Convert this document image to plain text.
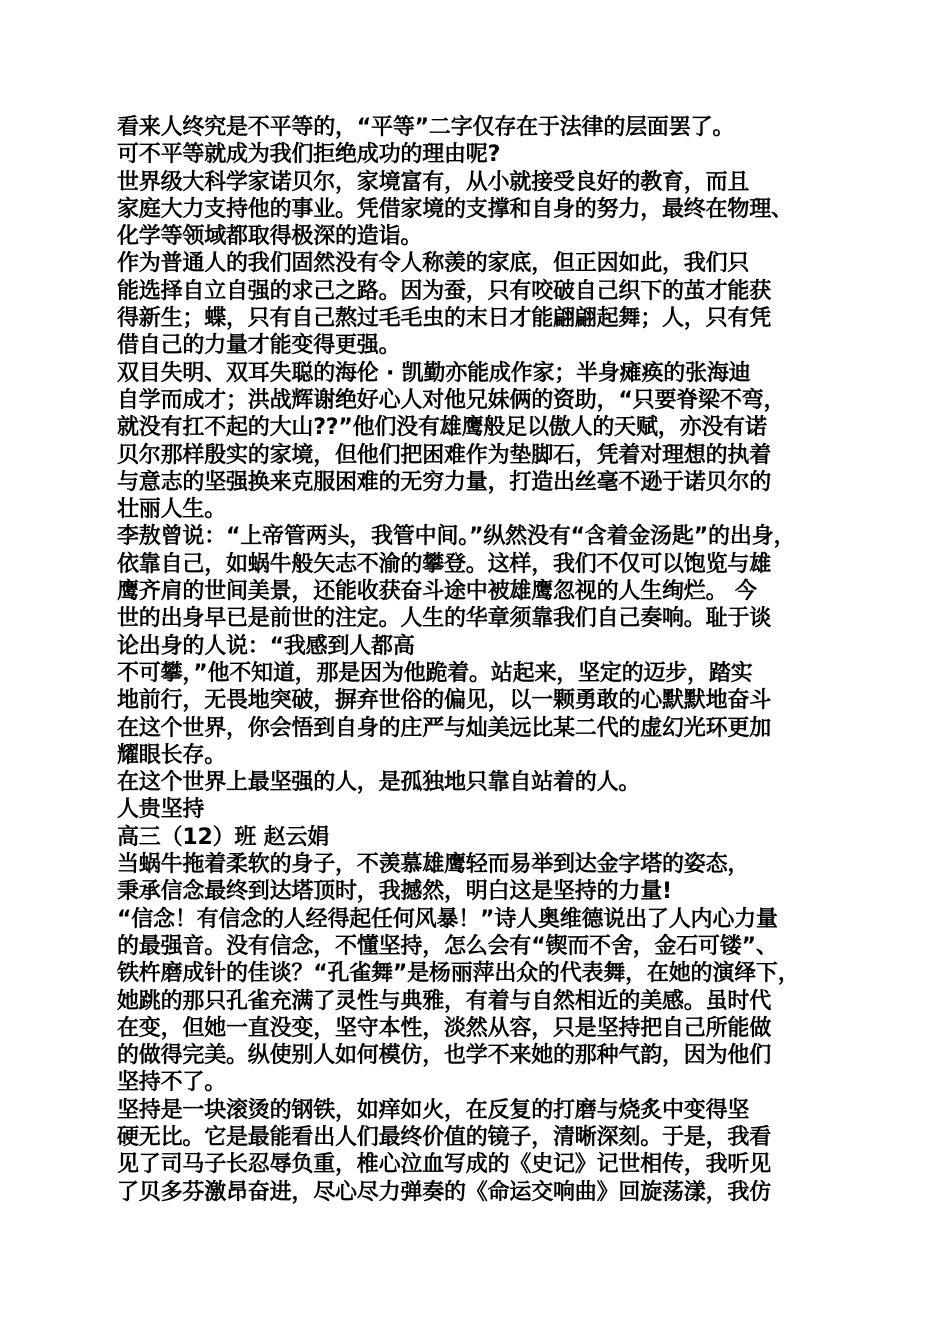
看来人终究是不平等的，“平等”二字仅存在于法律的层面罢了。
可不平等就成为我们拒绝成功的理由呢?
世界级大科学家诺贝尔，家境富有，从小就接受良好的教育，而且
家庭大力支持他的事业。凭借家境的支撑和自身的努力，最终在物理、
化学等领域都取得极深的造诣。
作为普通人的我们固然没有令人称羡的家底，但正因如此，我们只
能选择自立自强的求己之路。因为蚕，只有咬破自己织下的茧才能获
得新生；蝶，只有自己熬过毛毛虫的末日才能翩翩起舞；人，只有凭
借自己的力量才能变得更强。
双目失明、双耳失聪的海伦 · 凯勤亦能成作家；半身瘫痪的张海迪
自学而成才；洪战辉谢绝好心人对他兄妹俩的资助，“只要脊梁不弯，
就没有扛不起的大山??”他们没有雄鹰般足以傲人的天赋，亦没有诺
贝尔那样殷实的家境，但他们把困难作为垫脚石，凭着对理想的执着
与意志的坚强换来克服困难的无穷力量，打造出丝毫不逊于诺贝尔的
壮丽人生。
李敖曾说：“上帝管两头，我管中间。”纵然没有“含着金汤匙”的出身，
依靠自己，如蜗牛般矢志不渝的攀登。这样，我们不仅可以饱览与雄
鹰齐肩的世间美景，还能收获奋斗途中被雄鹰忽视的人生绚烂。 今
世的出身早已是前世的注定。人生的华章须靠我们自己奏响。耻于谈
论出身的人说：“我感到人都高
不可攀，”他不知道，那是因为他跪着。站起来，坚定的迈步，踏实
地前行，无畏地突破，摒弃世俗的偏见，以一颗勇敢的心默默地奋斗
在这个世界，你会悟到自身的庄严与灿美远比某二代的虚幻光环更加
耀眼长存。
在这个世界上最坚强的人，是孤独地只靠自站着的人。
人贵坚持
高三（12）班 赵云娟
当蜗牛拖着柔软的身子，不羡慕雄鹰轻而易举到达金字塔的姿态，
秉承信念最终到达塔顶时，我撼然，明白这是坚持的力量!
“信念！有信念的人经得起任何风暴！”诗人奥维德说出了人内心力量
的最强音。没有信念，不懂坚持，怎么会有“锲而不舍，金石可镂”、
铁杵磨成针的佳谈？“孔雀舞”是杨丽萍出众的代表舞，在她的演绎下，
她跳的那只孔雀充满了灵性与典雅，有着与自然相近的美感。虽时代
在变，但她一直没变，坚守本性，淡然从容，只是坚持把自己所能做
的做得完美。纵使别人如何模仿，也学不来她的那种气韵，因为他们
坚持不了。
坚持是一块滚烫的钢铁，如痒如火，在反复的打磨与烧炙中变得坚
硬无比。它是最能看出人们最终价值的镜子，清晰深刻。于是，我看
见了司马子长忍辱负重，椎心泣血写成的《史记》记世相传，我听见
了贝多芬激昂奋进，尽心尽力弹奏的《命运交响曲》回旋荡漾，我仿
